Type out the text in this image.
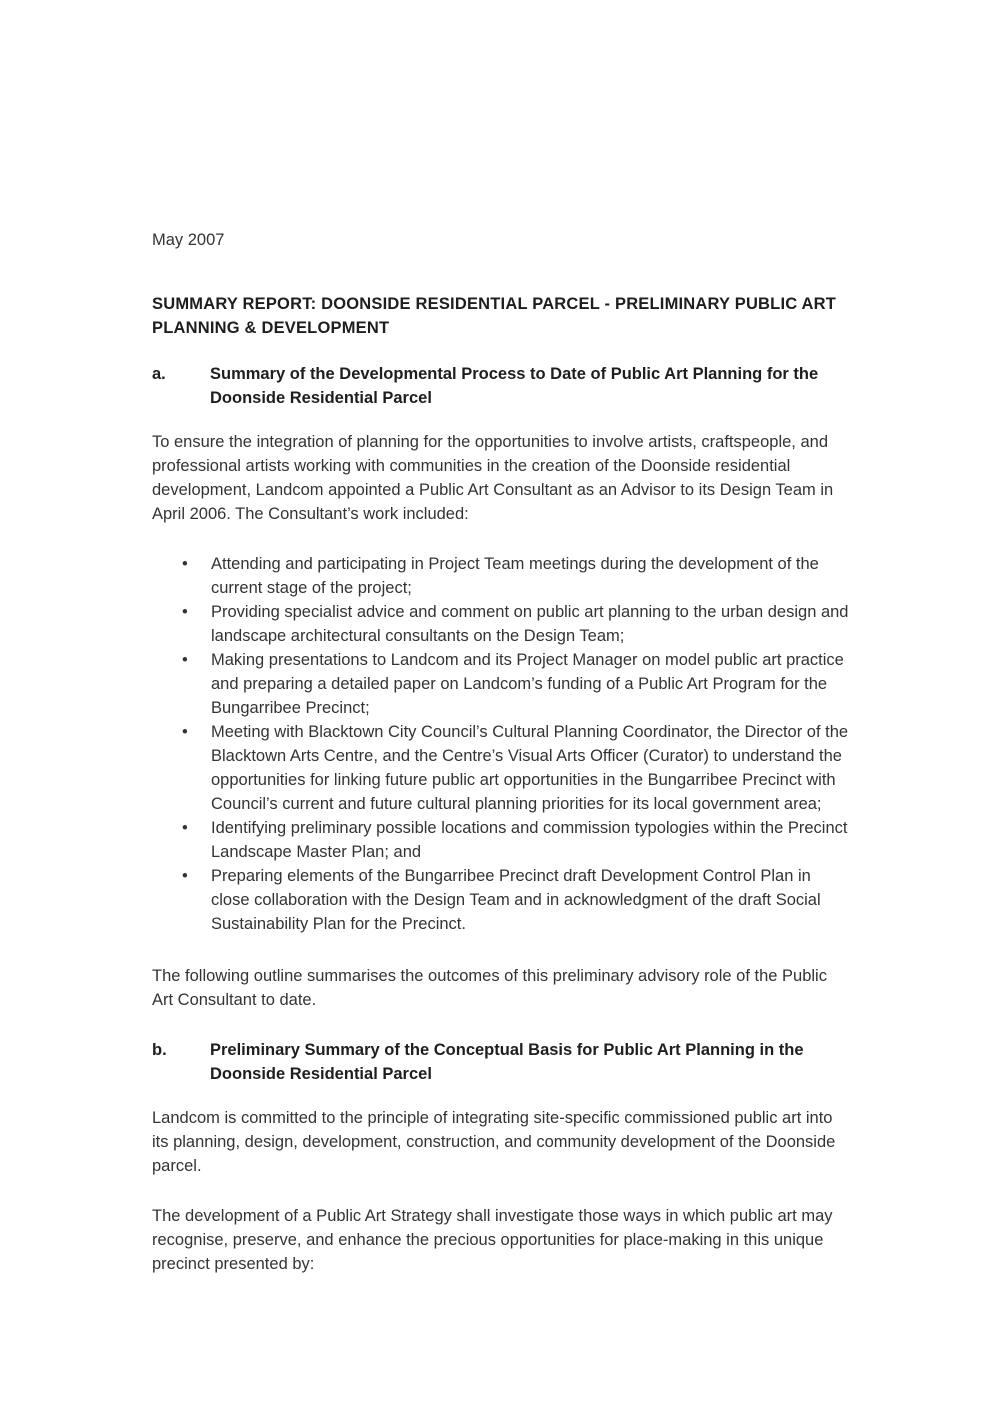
May 2007

SUMMARY REPORT: DOONSIDE RESIDENTIAL PARCEL - PRELIMINARY PUBLIC ART PLANNING & DEVELOPMENT
a.	Summary of the Developmental Process to Date of Public Art Planning for the Doonside Residential Parcel

To ensure the integration of planning for the opportunities to involve artists, craftspeople, and professional artists working with communities in the creation of the Doonside residential development, Landcom appointed a Public Art Consultant as an Advisor to its Design Team in April 2006. The Consultant’s work included:

•	Attending and participating in Project Team meetings during the development of the current stage of the project;
•	Providing specialist advice and comment on public art planning to the urban design and landscape architectural consultants on the Design Team;
•	Making presentations to Landcom and its Project Manager on model public art practice and preparing a detailed paper on Landcom’s funding of a Public Art Program for the Bungarribee Precinct;
•	Meeting with Blacktown City Council’s Cultural Planning Coordinator, the Director of the Blacktown Arts Centre, and the Centre’s Visual Arts Officer (Curator) to understand the opportunities for linking future public art opportunities in the Bungarribee Precinct with Council’s current and future cultural planning priorities for its local government area;
•	Identifying preliminary possible locations and commission typologies within the Precinct Landscape Master Plan; and
•	Preparing elements of the Bungarribee Precinct draft Development Control Plan in close collaboration with the Design Team and in acknowledgment of the draft Social Sustainability Plan for the Precinct.

The following outline summarises the outcomes of this preliminary advisory role of the Public Art Consultant to date.

b.	Preliminary Summary of the Conceptual Basis for Public Art Planning in the Doonside Residential Parcel

Landcom is committed to the principle of integrating site-specific commissioned public art into its planning, design, development, construction, and community development of the Doonside parcel.

The development of a Public Art Strategy shall investigate those ways in which public art may recognise, preserve, and enhance the precious opportunities for place-making in this unique precinct presented by:
